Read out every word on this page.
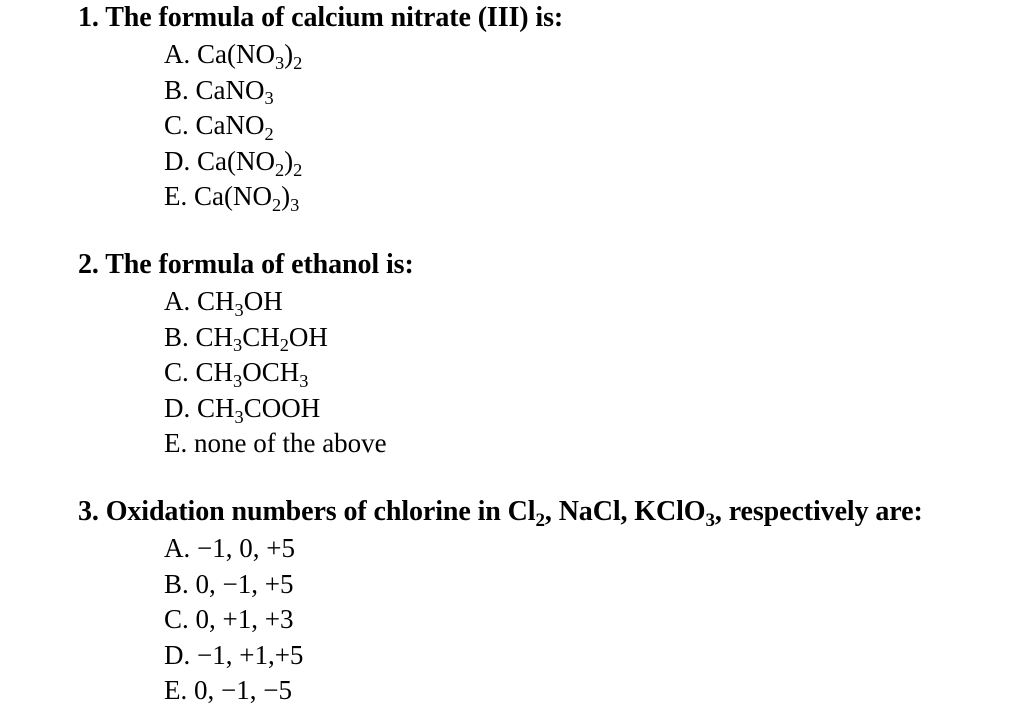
1. The formula of calcium nitrate (III) is:
A. $Ca(NO_3)_2$
B. CaNO$_3$
C. CaNO$_2$
D. $Ca(NO_2)_2$
E. $Ca(NO_2)_3$
2. The formula of ethanol is:
A. $CH_3OH$
B. $CH_3CH_2OH$
C. $CH_3OCH_3$
D. $CH_3COOH$
E. none of the above
3. Oxidation numbers of chlorine in $Cl_2$, NaCl, KClO$_3$, respectively are:
A. −1, 0, +5
B. 0, −1, +5
C. 0, +1, +3
D. −1, +1,+5
E. 0, −1, −5
